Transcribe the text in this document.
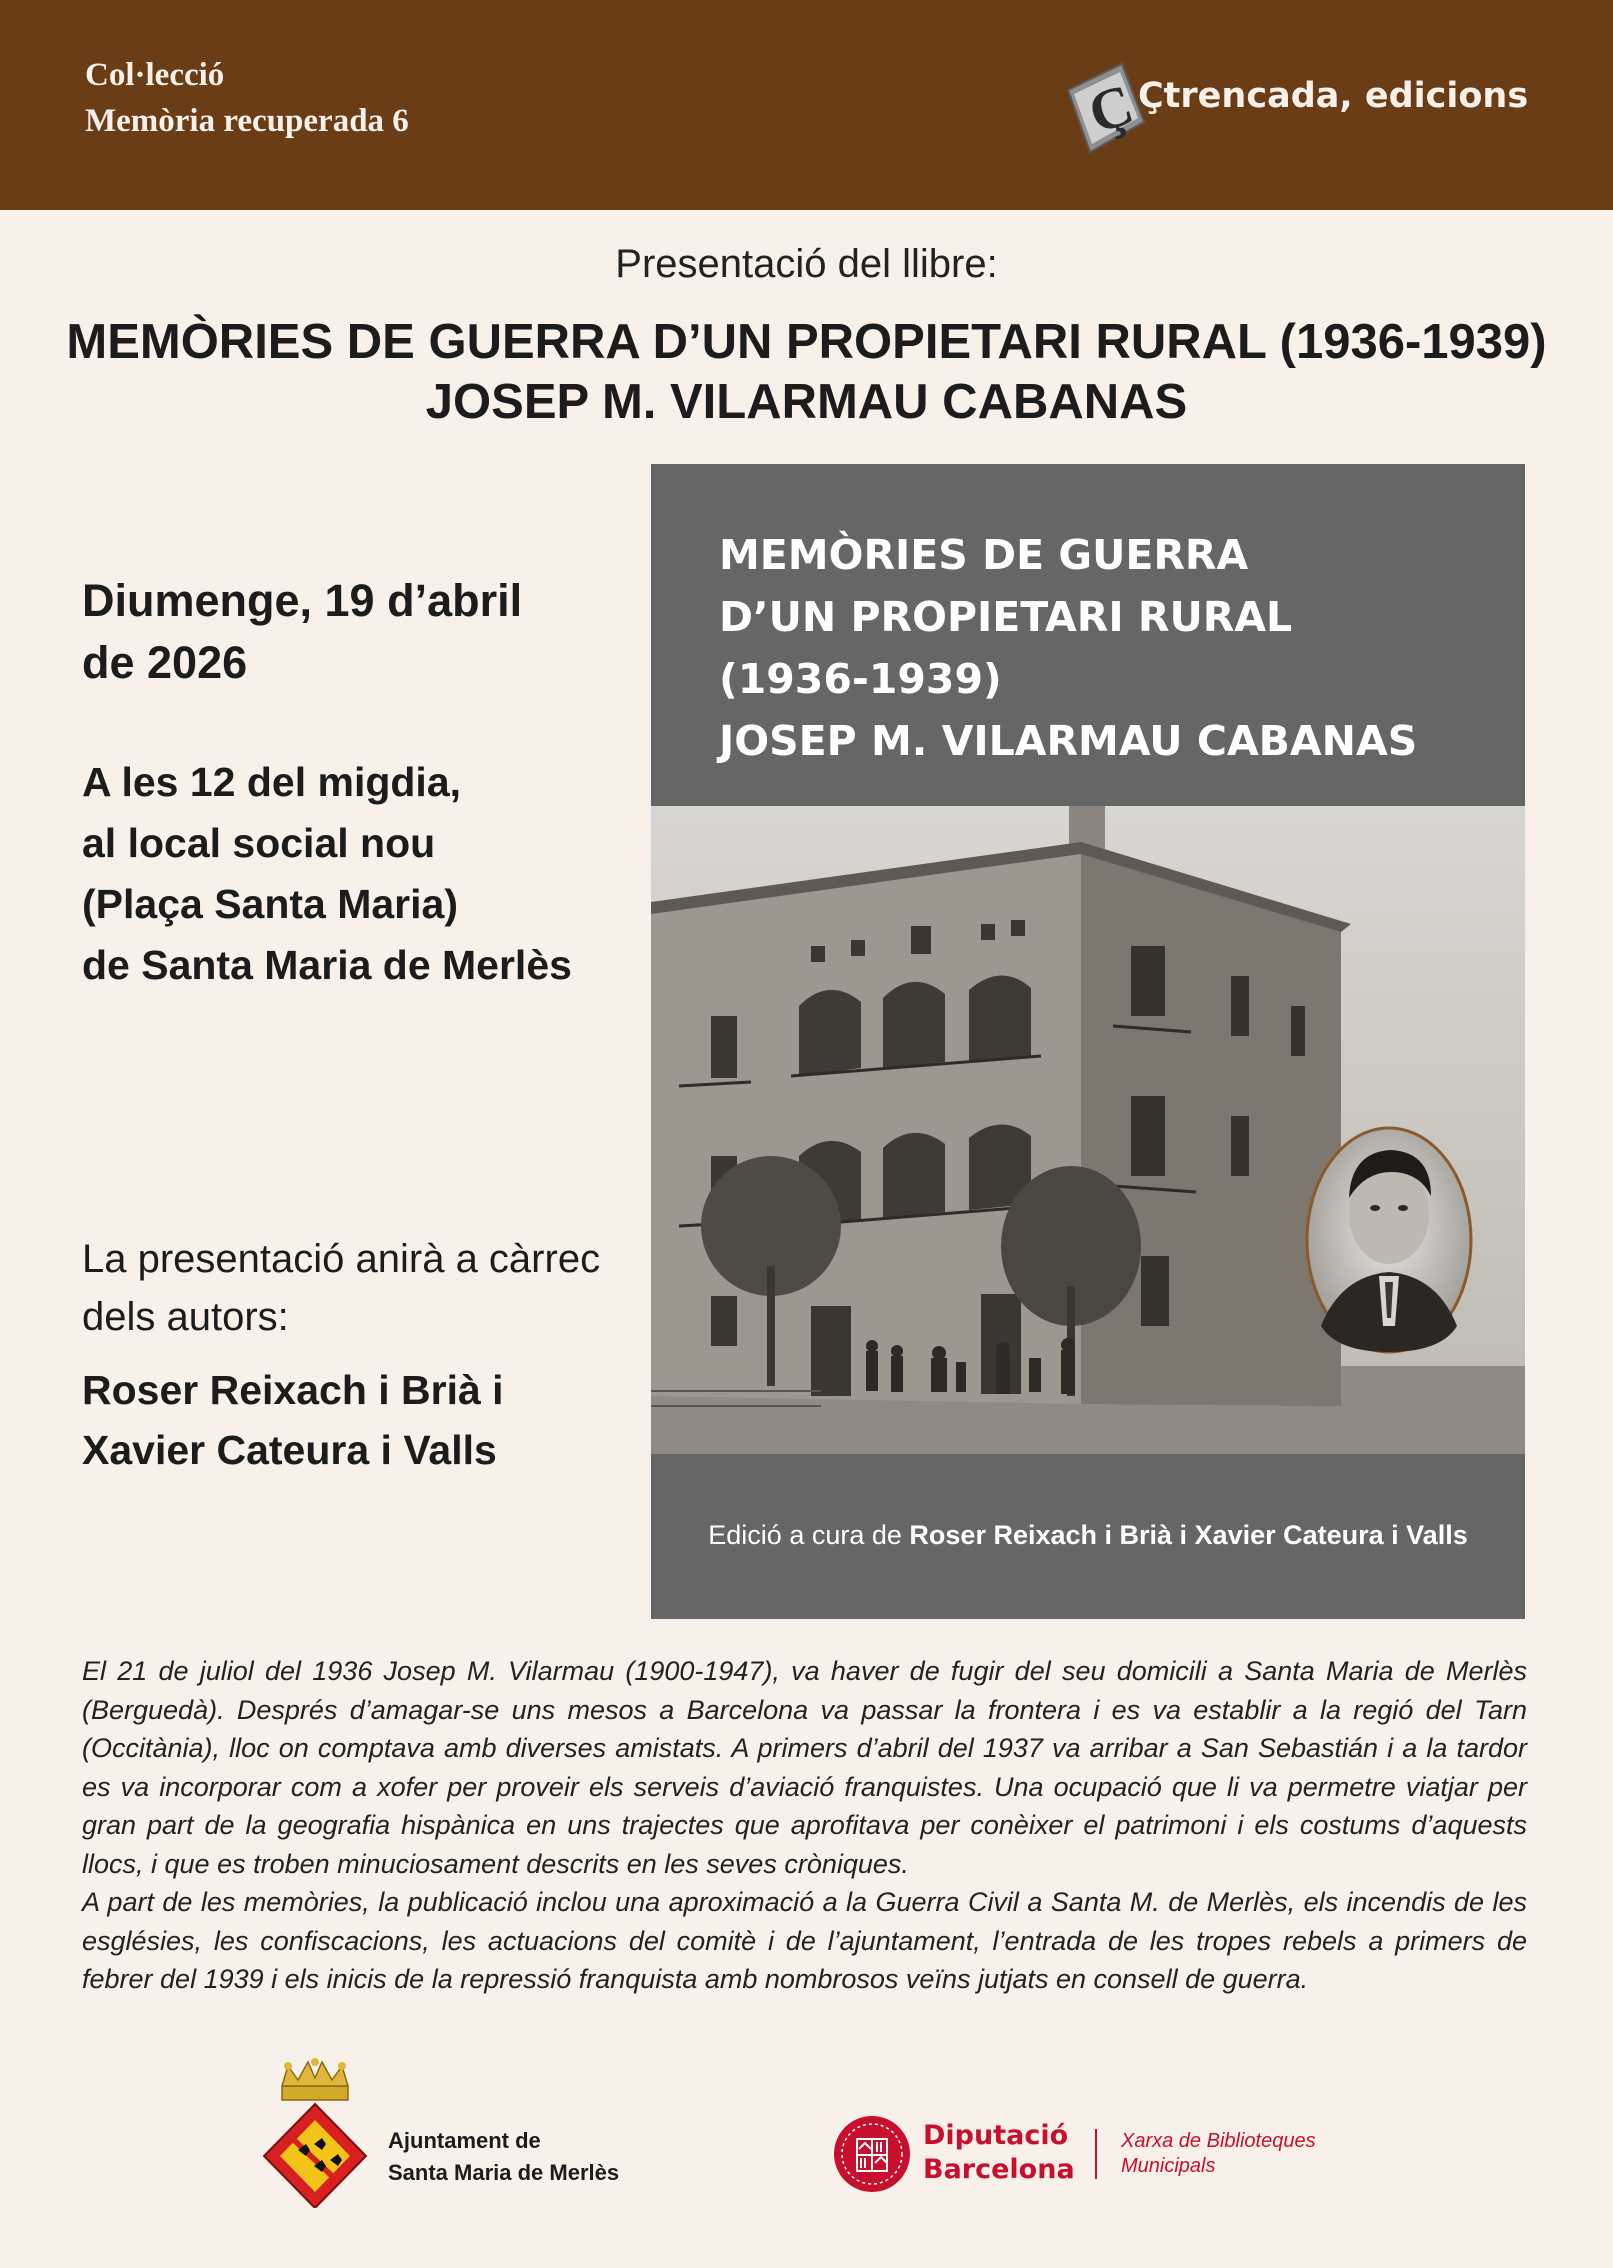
Col·lecció
Memòria recuperada 6	Ç
Çtrencada, edicions
Presentació del llibre:
MEMÒRIES DE GUERRA D’UN PROPIETARI RURAL (1936-1939)
JOSEP M. VILARMAU CABANAS
Diumenge, 19 d’abril
de 2026
A les 12 del migdia,
al local social nou
(Plaça Santa Maria)
de Santa Maria de Merlès
La presentació anirà a càrrec
dels autors:
Roser Reixach i Brià i
Xavier Cateura i Valls
MEMÒRIES DE GUERRA
D’UN PROPIETARI RURAL
(1936-1939)
JOSEP M. VILARMAU CABANAS
Edició a cura de Roser Reixach i Brià i Xavier Cateura i Valls

El 21 de juliol del 1936 Josep M. Vilarmau (1900-1947), va haver de fugir del seu domicili a Santa Maria de Merlès (Berguedà). Després d’amagar-se uns mesos a Barcelona va passar la frontera i es va establir a la regió del Tarn (Occitània), lloc on comptava amb diverses amistats. A primers d’abril del 1937 va arribar a San Sebastián i a la tardor es va incorporar com a xofer per proveir els serveis d’aviació franquistes. Una ocupació que li va permetre viatjar per gran part de la geografia hispànica en uns trajectes que aprofitava per conèixer el patrimoni i els costums d’aquests llocs, i que es troben minuciosament descrits en les seves cròniques.

A part de les memòries, la publicació inclou una aproximació a la Guerra Civil a Santa M. de Merlès, els incendis de les esglésies, les confiscacions, les actuacions del comitè i de l’ajuntament, l’entrada de les tropes rebels a primers de febrer del 1939 i els inicis de la repressió franquista amb nombrosos veïns jutjats en consell de guerra.

Ajuntament de
Santa Maria de Merlès
Diputació
Barcelona
Xarxa de Biblioteques
Municipals
